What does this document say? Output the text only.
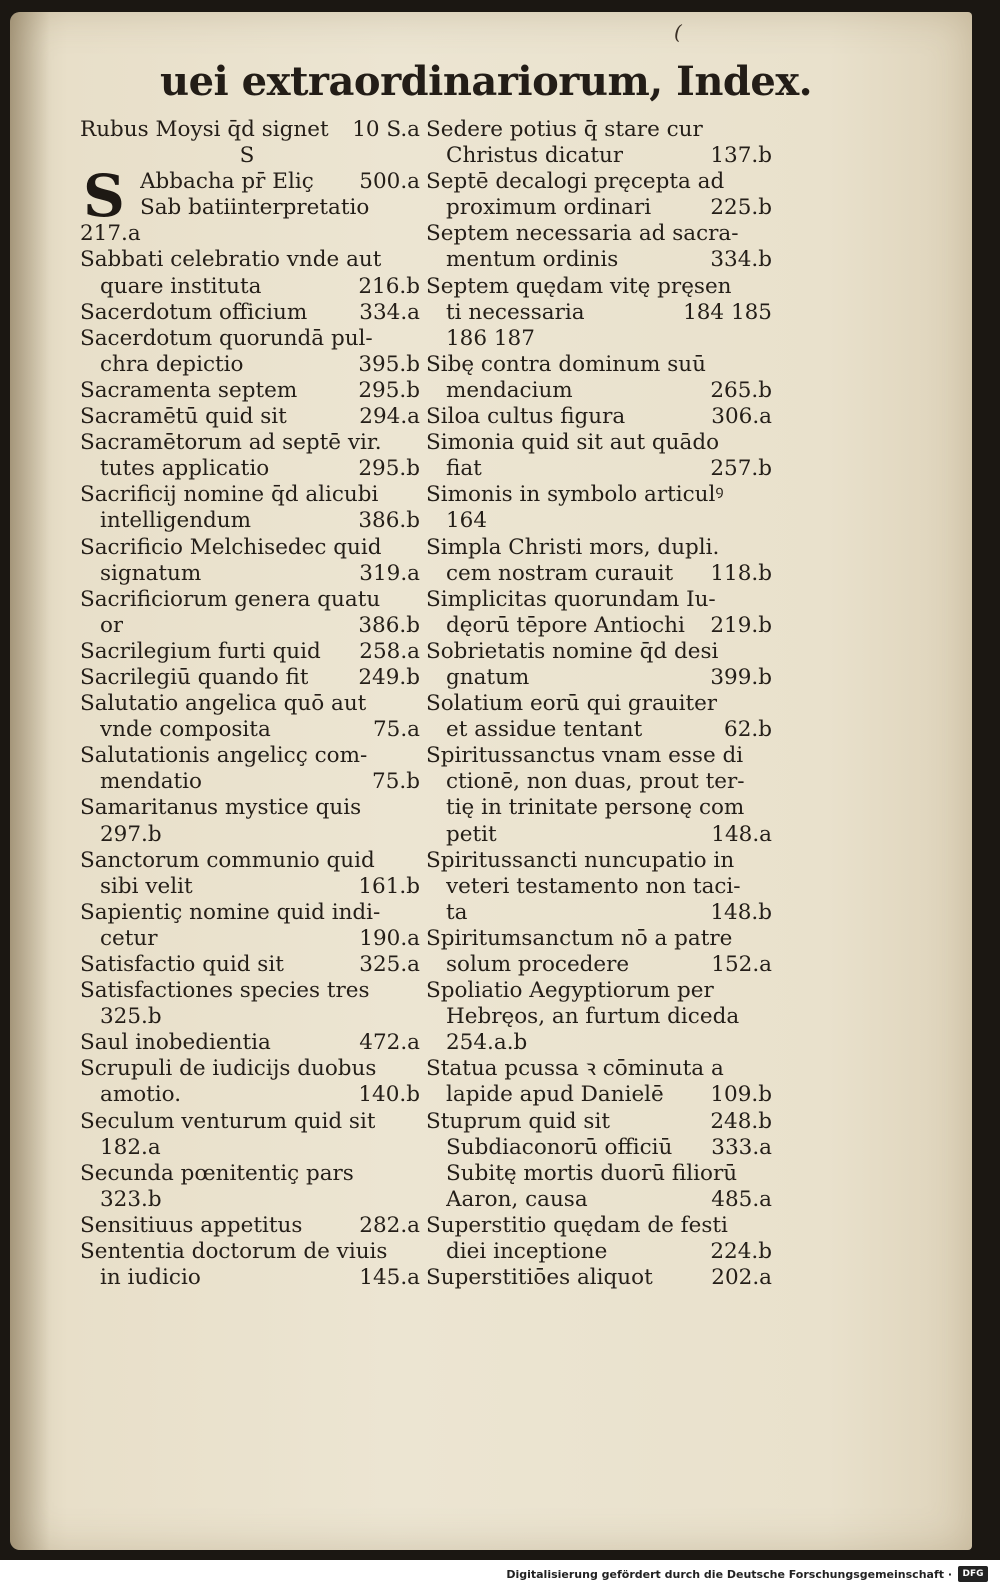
(
uei extraordinariorum, Index.
S
Rubus Moysi q̄d signet 10 S.a
S
Abbacha pr̄ Eliç 500.a
Sab batiinterpretatio
217.a
Sabbati celebratio vnde aut
quare instituta	216.b
Sacerdotum officium 334.a
Sacerdotum quorundā pul-
chra depictio	395.b
Sacramenta septem	295.b
Sacramētū quid sit	294.a
Sacramētorum ad septē vir.
tutes applicatio	295.b
Sacrificij nomine q̄d alicubi
intelligendum	386.b
Sacrificio Melchisedec quid
signatum	319.a
Sacrificiorum genera quatu
or	386.b
Sacrilegium furti quid 258.a
Sacrilegiū quando fit 249.b
Salutatio angelica quō aut
vnde composita	75.a
Salutationis angelicç com-
mendatio	75.b
Samaritanus mystice quis
297.b
Sanctorum communio quid
sibi velit	161.b
Sapientiç nomine quid indi-
cetur	190.a
Satisfactio quid sit	325.a
Satisfactiones species tres
325.b
Saul inobedientia	472.a
Scrupuli de iudicijs duobus
amotio.	140.b
Seculum venturum quid sit
182.a
Secunda pœnitentiç pars
323.b
Sensitiuus appetitus	282.a
Sententia doctorum de viuis
in iudicio	145.a
Sedere potius q̄ stare cur
Christus dicatur	137.b
Septē decalogi pręcepta ad
proximum ordinari	225.b
Septem necessaria ad sacra-
mentum ordinis	334.b
Septem quędam vitę pręsen
ti necessaria	184 185
186 187
Sibę contra dominum suū
mendacium	265.b
Siloa cultus figura	306.a
Simonia quid sit aut quādo
fiat	257.b
Simonis in symbolo articulꝰ
164
Simpla Christi mors, dupli.
cem nostram curauit 118.b
Simplicitas quorundam Iu-
dęorū tēpore Antiochi 219.b
Sobrietatis nomine q̄d desi
gnatum	399.b
Solatium eorū qui grauiter
et assidue tentant	62.b
Spiritussanctus vnam esse di
ctionē, non duas, prout ter-
tię in trinitate personę com
petit	148.a
Spiritussancti nuncupatio in
veteri testamento non taci-
ta	148.b
Spiritumsanctum nō a patre
solum procedere	152.a
Spoliatio Aegyptiorum per
Hebręos, an furtum diceda
254.a.b
Statua pcussa ꝛ cōminuta a
lapide apud Danielē 109.b
Stuprum quid sit	248.b
Subdiaconorū officiū 333.a
Subitę mortis duorū filiorū
Aaron, causa	485.a
Superstitio quędam de festi
diei inceptione	224.b
Superstitiōes aliquot	202.a
Digitalisierung gefördert durch die Deutsche Forschungsgemeinschaft ·	DFG
